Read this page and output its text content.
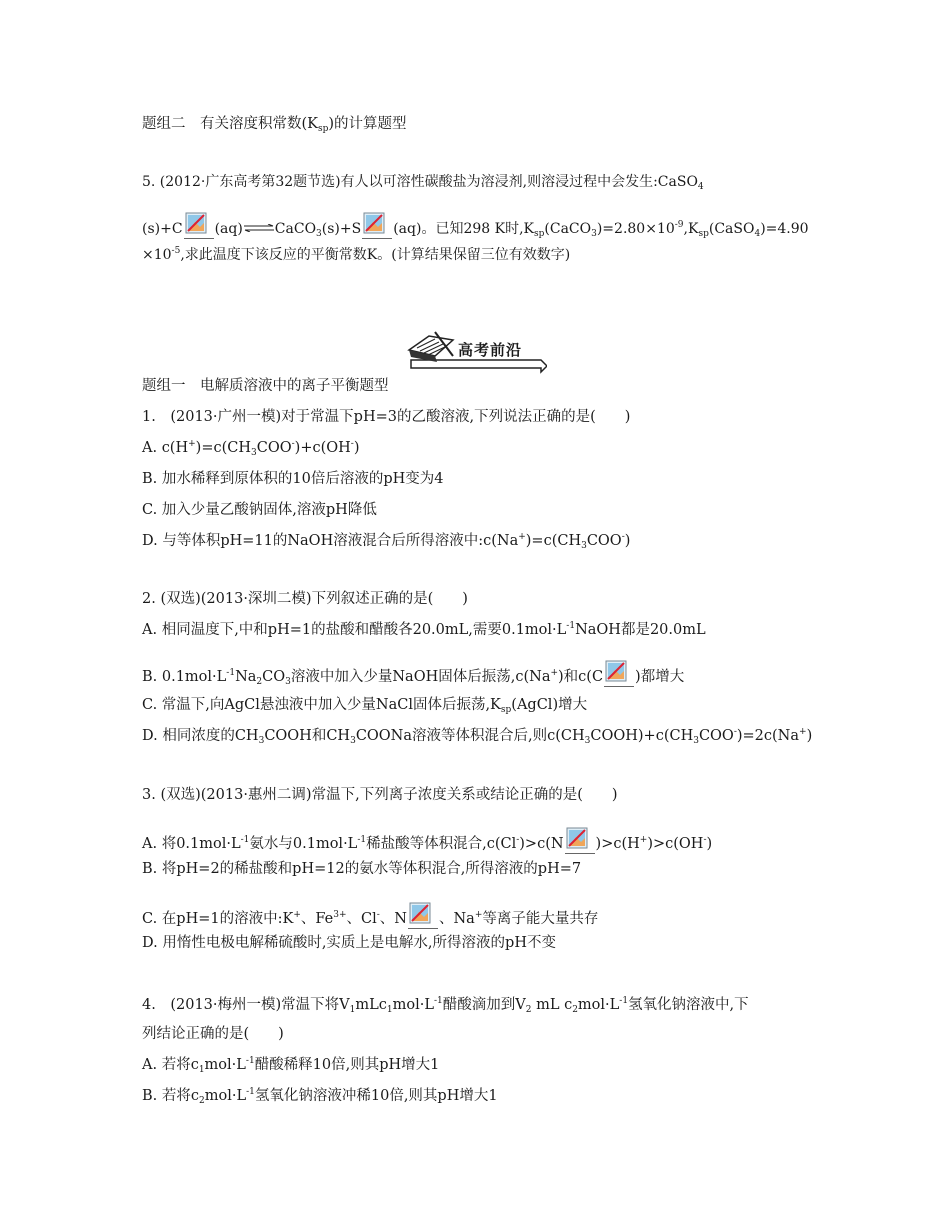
题组二　有关溶度积常数$(K_{sp})$的计算题型
5. (2012·广东高考第32题节选)有人以可溶性碳酸盐为溶浸剂,则溶浸过程中会发生:CaSO$_4$
(s)+C (aq)⇌CaCO$_3$(s)+S (aq)。已知298 K时$,K_{sp}(CaCO_3)=2.80\times 10^{-9},K_{sp}(CaSO_4)=4.90$
$\times 10^{-5}$,求此温度下该反应的平衡常数K。(计算结果保留三位有效数字)
高考前沿
题组一　电解质溶液中的离子平衡题型
1.　(2013·广州一模)对于常温下pH=3的乙酸溶液,下列说法正确的是(　　)
A. $c(H^+)=c(CH_3COO^-)+c(OH^-)$
B. 加水稀释到原体积的10倍后溶液的pH变为4
C. 加入少量乙酸钠固体,溶液pH降低
D. 与等体积pH=11的NaOH溶液混合后所得溶液中$:c(Na^+)=c(CH_3COO^-)$
2. (双选)(2013·深圳二模)下列叙述正确的是(　　)
A. 相同温度下,中和pH=1的盐酸和醋酸各20.0mL,需要$0.1mol\cdot L^{-1}NaOH$都是20.0mL
B. $0.1mol\cdot L^{-1}Na_2CO_3$溶液中加入少量NaOH固体后振荡,c(Na+)和c(C )都增大
C. 常温下,向AgCl悬浊液中加入少量NaCl固体后振荡$,K_{sp}(AgCl)$增大
D. 相同浓度的$CH_3COOH$和$CH_3COONa$溶液等体积混合后,则$c(CH_3COOH)+c(CH_3COO^-)=2c(Na^+)$
3. (双选)(2013·惠州二调)常温下,下列离子浓度关系或结论正确的是(　　)
A. 将$0.1mol\cdot L^{-1}$氨水与$0.1mol\cdot L^{-1}$稀盐酸等体积混合,c(Cl-)>c(N )>c(H+)>c(OH-)
B. 将pH=2的稀盐酸和pH=12的氨水等体积混合,所得溶液的pH=7
C. 在pH=1的溶液中:K+、$Fe^{3+}$、Cl-、N 、Na+等离子能大量共存
D. 用惰性电极电解稀硫酸时,实质上是电解水,所得溶液的pH不变
4.　(2013·梅州一模)常温下将$V_1mLc_1mol\cdot L^{-1}$醋酸滴加到$V_2$ mL $c_2mol\cdot L^{-1}$氢氧化钠溶液中,下
列结论正确的是(　　)
A. 若将$c_1mol\cdot L^{-1}$醋酸稀释10倍,则其pH增大1
B. 若将$c_2mol\cdot L^{-1}$氢氧化钠溶液冲稀10倍,则其pH增大1
